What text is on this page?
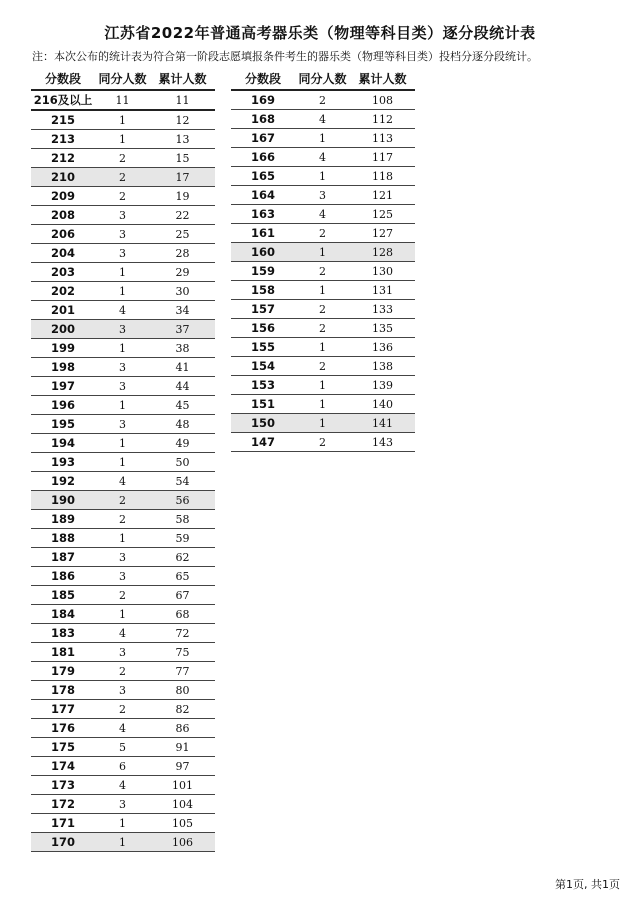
江苏省2022年普通高考器乐类（物理等科目类）逐分段统计表
注：本次公布的统计表为符合第一阶段志愿填报条件考生的器乐类（物理等科目类）投档分逐分段统计。
分数段	同分人数	累计人数
216及以上	11	11
215	1	12
213	1	13
212	2	15
210	2	17
209	2	19
208	3	22
206	3	25
204	3	28
203	1	29
202	1	30
201	4	34
200	3	37
199	1	38
198	3	41
197	3	44
196	1	45
195	3	48
194	1	49
193	1	50
192	4	54
190	2	56
189	2	58
188	1	59
187	3	62
186	3	65
185	2	67
184	1	68
183	4	72
181	3	75
179	2	77
178	3	80
177	2	82
176	4	86
175	5	91
174	6	97
173	4	101
172	3	104
171	1	105
170	1	106
分数段	同分人数	累计人数
169	2	108
168	4	112
167	1	113
166	4	117
165	1	118
164	3	121
163	4	125
161	2	127
160	1	128
159	2	130
158	1	131
157	2	133
156	2	135
155	1	136
154	2	138
153	1	139
151	1	140
150	1	141
147	2	143
第1页, 共1页
